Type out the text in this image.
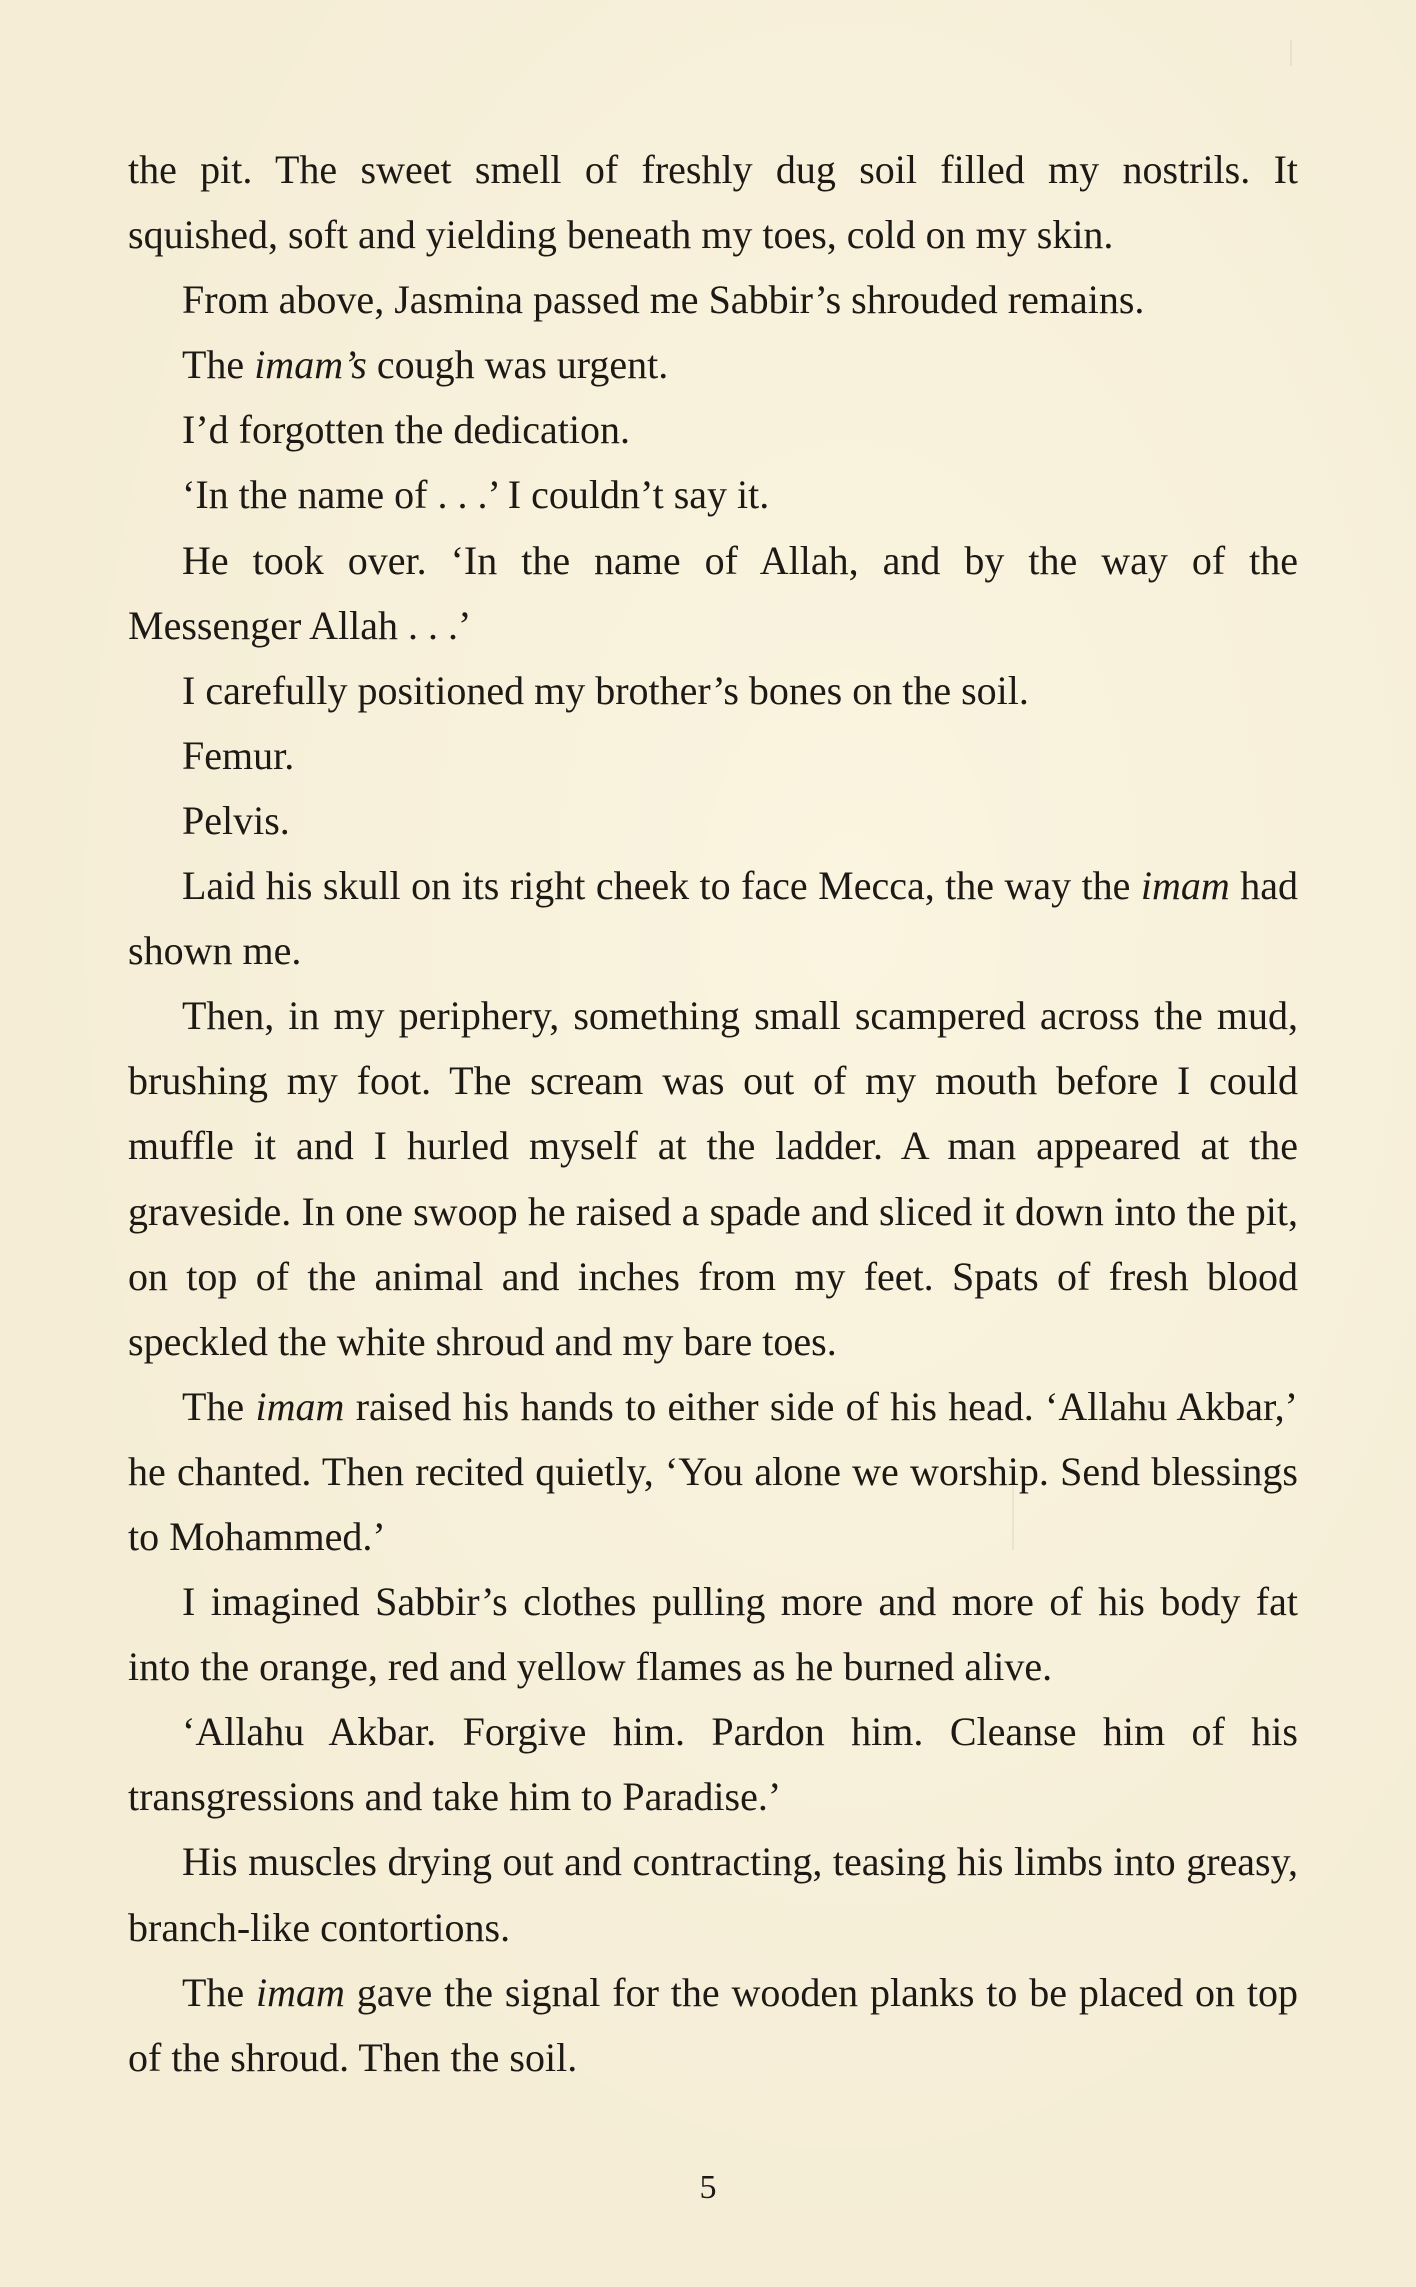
the pit. The sweet smell of freshly dug soil filled my nostrils. It squished, soft and yielding beneath my toes, cold on my skin.

From above, Jasmina passed me Sabbir’s shrouded remains.

The imam’s cough was urgent.

I’d forgotten the dedication.

‘In the name of . . .’ I couldn’t say it.

He took over. ‘In the name of Allah, and by the way of the Messenger Allah . . .’

I carefully positioned my brother’s bones on the soil.

Femur.

Pelvis.

Laid his skull on its right cheek to face Mecca, the way the imam had shown me.

Then, in my periphery, something small scampered across the mud, brushing my foot. The scream was out of my mouth before I could muffle it and I hurled myself at the ladder. A man appeared at the graveside. In one swoop he raised a spade and sliced it down into the pit, on top of the animal and inches from my feet. Spats of fresh blood speckled the white shroud and my bare toes.

The imam raised his hands to either side of his head. ‘Allahu Akbar,’ he chanted. Then recited quietly, ‘You alone we worship. Send blessings to Mohammed.’

I imagined Sabbir’s clothes pulling more and more of his body fat into the orange, red and yellow flames as he burned alive.

‘Allahu Akbar. Forgive him. Pardon him. Cleanse him of his transgressions and take him to Paradise.’

His muscles drying out and contracting, teasing his limbs into greasy, branch-like contortions.

The imam gave the signal for the wooden planks to be placed on top of the shroud. Then the soil.

5
